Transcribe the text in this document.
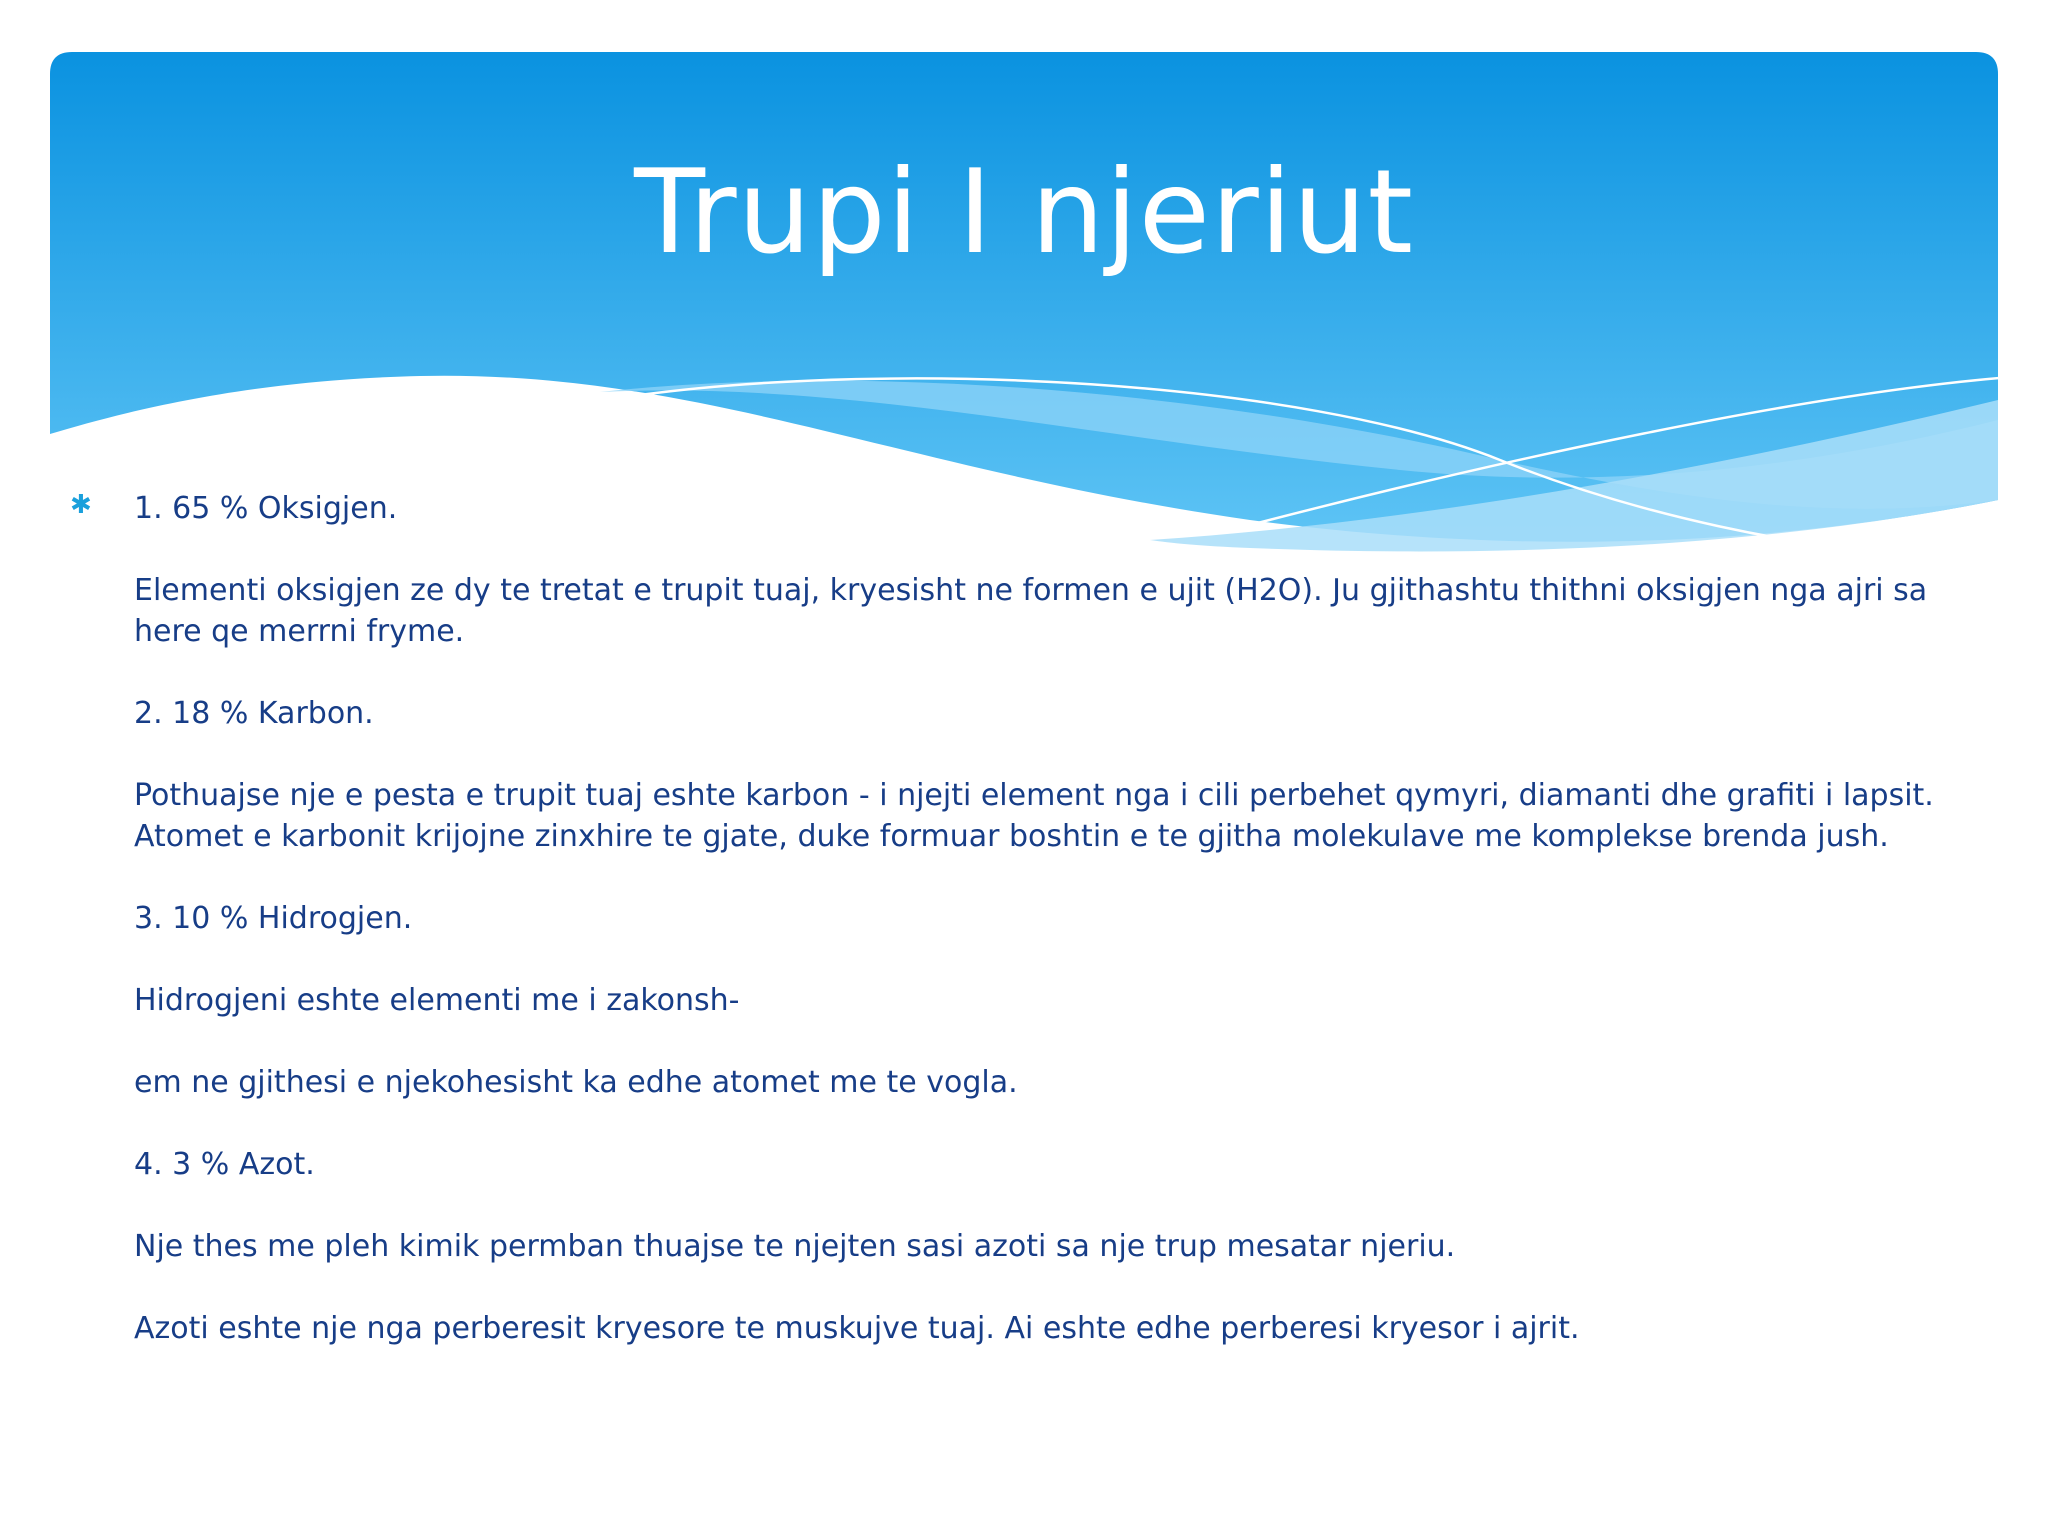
Trupi I njeriut
✱ 1. 65 % Oksigjen.

Elementi oksigjen ze dy te tretat e trupit tuaj, kryesisht ne formen e ujit (H2O). Ju gjithashtu thithni oksigjen nga ajri sa here qe merrni fryme.

2. 18 % Karbon.

Pothuajse nje e pesta e trupit tuaj eshte karbon - i njejti element nga i cili perbehet qymyri, diamanti dhe grafiti i lapsit. Atomet e karbonit krijojne zinxhire te gjate, duke formuar boshtin e te gjitha molekulave me komplekse brenda jush.

3. 10 % Hidrogjen.

Hidrogjeni eshte elementi me i zakonsh-

em ne gjithesi e njekohesisht ka edhe atomet me te vogla.

4. 3 % Azot.

Nje thes me pleh kimik permban thuajse te njejten sasi azoti sa nje trup mesatar njeriu.

Azoti eshte nje nga perberesit kryesore te muskujve tuaj. Ai eshte edhe perberesi kryesor i ajrit.
